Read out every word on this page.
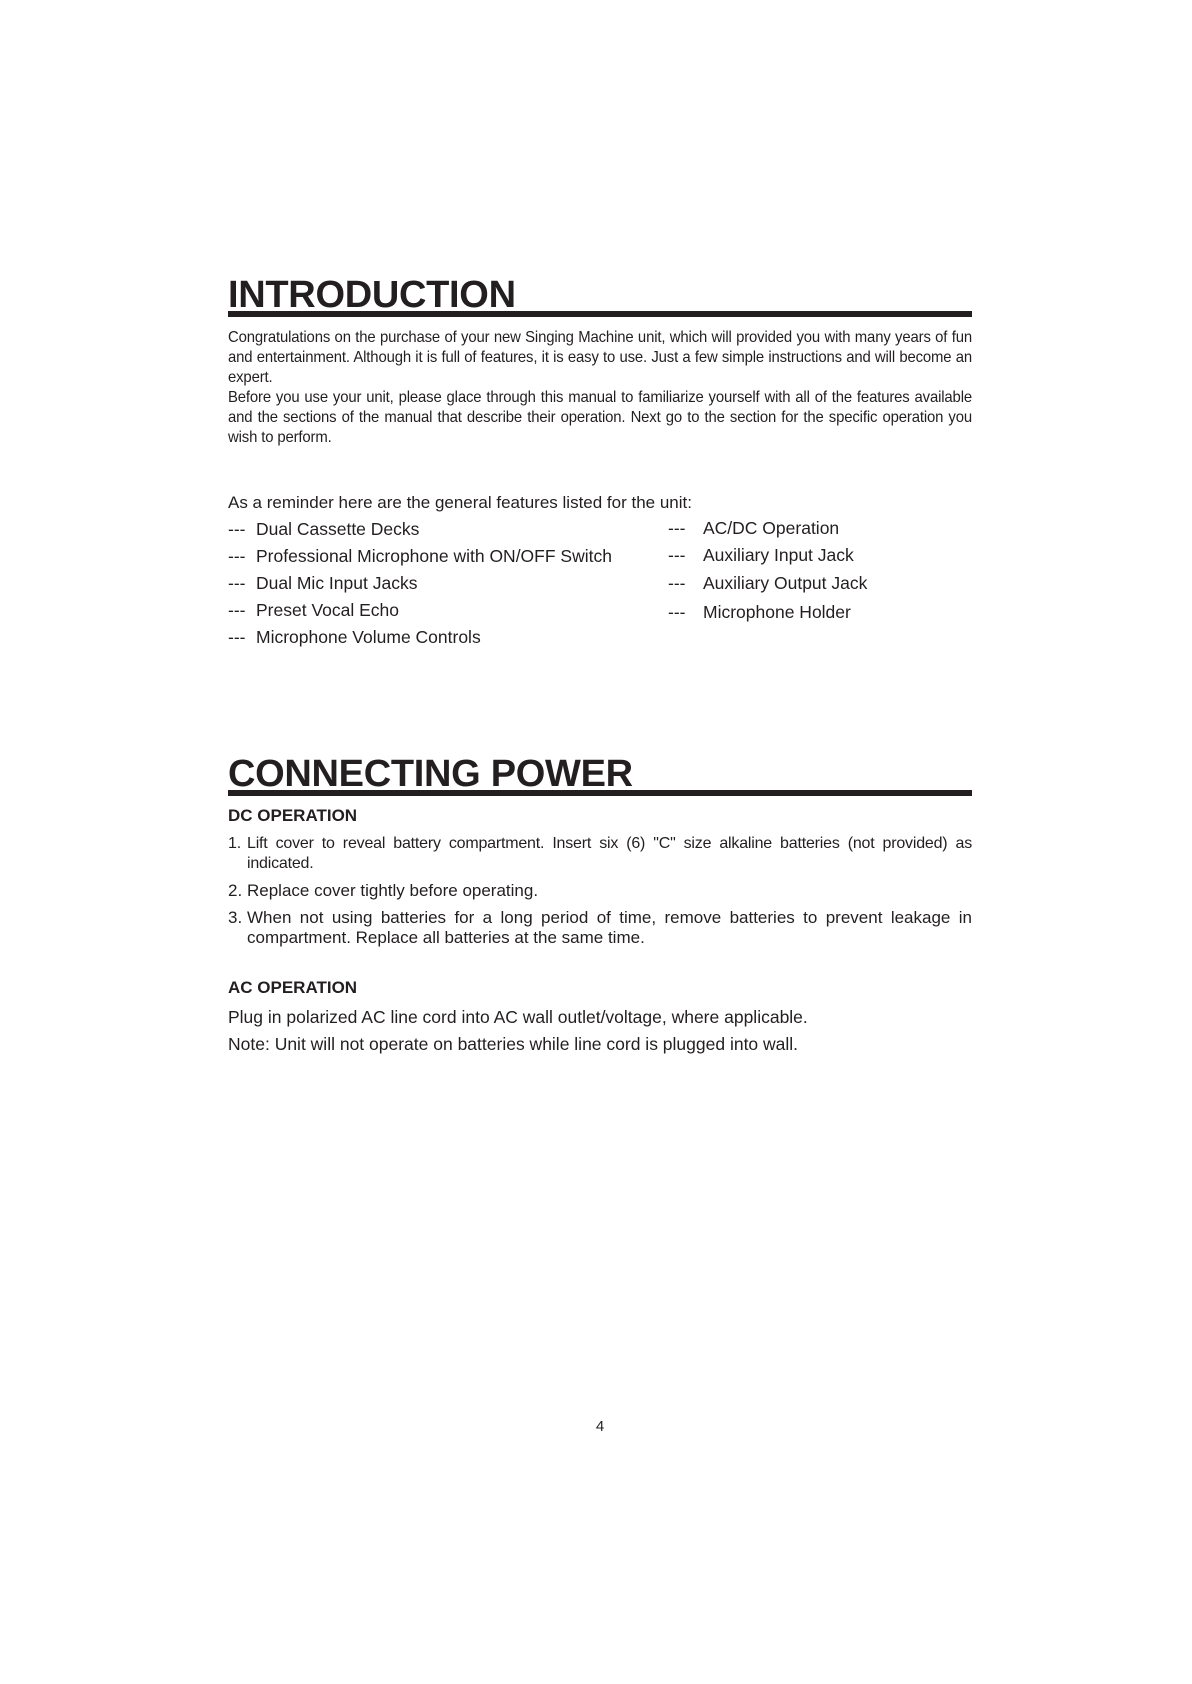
INTRODUCTION

Congratulations on the purchase of your new Singing Machine unit, which will provided you with many years of fun and entertainment. Although it is full of features, it is easy to use. Just a few simple instructions and will become an expert.

Before you use your unit, please glace through this manual to familiarize yourself with all of the features available and the sections of the manual that describe their operation. Next go to the section for the specific operation you wish to perform.

As a reminder here are the general features listed for the unit:

--- Dual Cassette Decks
--- Professional Microphone with ON/OFF Switch
--- Dual Mic Input Jacks
--- Preset Vocal Echo
--- Microphone Volume Controls
--- AC/DC Operation
--- Auxiliary Input Jack
--- Auxiliary Output Jack
--- Microphone Holder
CONNECTING POWER

DC OPERATION

1. Lift cover to reveal battery compartment. Insert six (6) "C" size alkaline batteries (not provided) as indicated.
2. Replace cover tightly before operating.
3. When not using batteries for a long period of time, remove batteries to prevent leakage in compartment. Replace all batteries at the same time.

AC OPERATION

Plug in polarized AC line cord into AC wall outlet/voltage, where applicable.

Note: Unit will not operate on batteries while line cord is plugged into wall.

4
